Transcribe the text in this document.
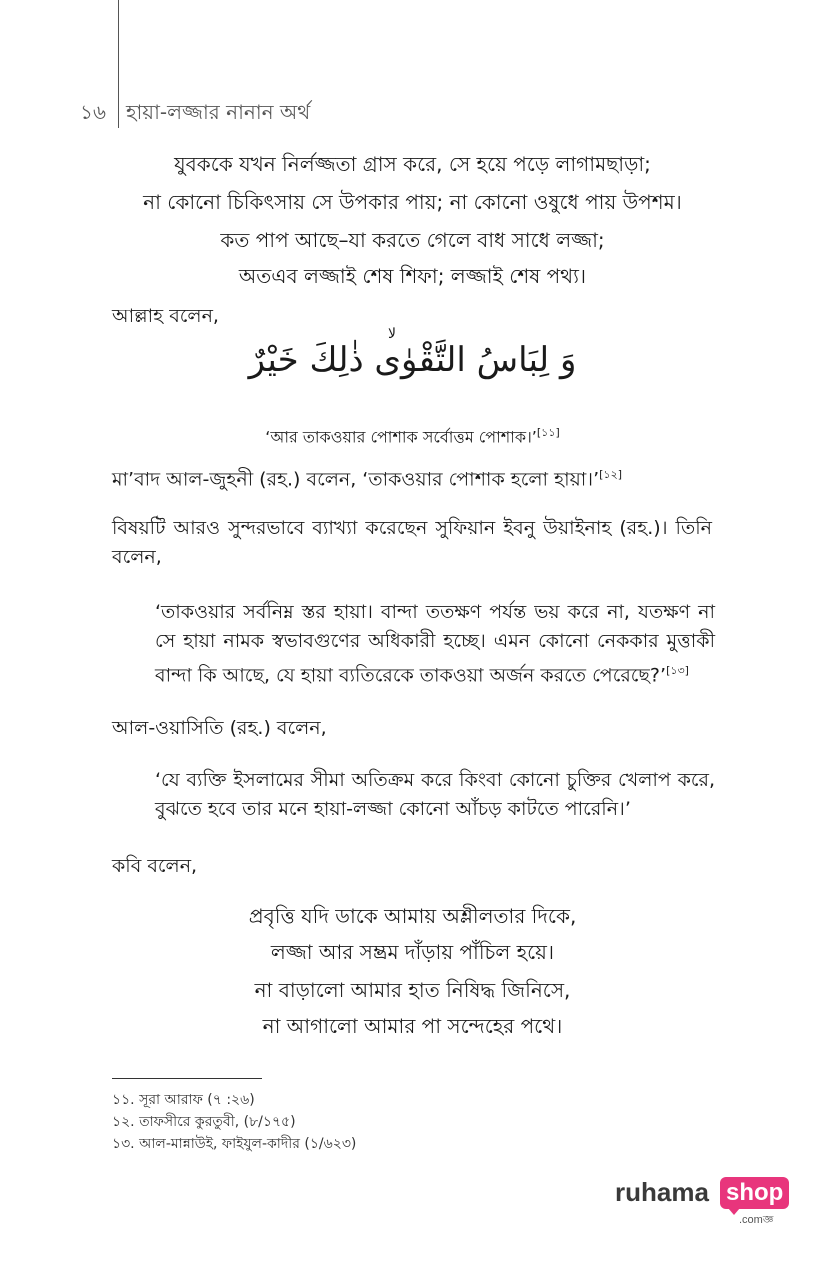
১৬ হায়া-লজ্জার নানান অর্থ
যুবককে যখন নির্লজ্জতা গ্রাস করে, সে হয়ে পড়ে লাগামছাড়া;
না কোনো চিকিৎসায় সে উপকার পায়; না কোনো ওষুধে পায় উপশম।
কত পাপ আছে–যা করতে গেলে বাধ সাধে লজ্জা;
অতএব লজ্জাই শেষ শিফা; লজ্জাই শেষ পথ্য।
আল্লাহ বলেন,
لا
وَ لِبَاسُ التَّقْوٰى ذٰلِكَ خَيْرٌ
‘আর তাকওয়ার পোশাক সর্বোত্তম পোশাক।’[১১]
মা’বাদ আল-জুহনী (রহ.) বলেন, ‘তাকওয়ার পোশাক হলো হায়া।’[১২]
বিষয়টি আরও সুন্দরভাবে ব্যাখ্যা করেছেন সুফিয়ান ইবনু উয়াইনাহ (রহ.)। তিনি বলেন,
‘তাকওয়ার সর্বনিম্ন স্তর হায়া। বান্দা ততক্ষণ পর্যন্ত ভয় করে না, যতক্ষণ না সে হায়া নামক স্বভাবগুণের অধিকারী হচ্ছে। এমন কোনো নেককার মুত্তাকী বান্দা কি আছে, যে হায়া ব্যতিরেকে তাকওয়া অর্জন করতে পেরেছে?’[১৩]
আল-ওয়াসিতি (রহ.) বলেন,
‘যে ব্যক্তি ইসলামের সীমা অতিক্রম করে কিংবা কোনো চুক্তির খেলাপ করে, বুঝতে হবে তার মনে হায়া-লজ্জা কোনো আঁচড় কাটতে পারেনি।’
কবি বলেন,
প্রবৃত্তি যদি ডাকে আমায় অশ্লীলতার দিকে,
লজ্জা আর সম্ভ্রম দাঁড়ায় পাঁচিল হয়ে।
না বাড়ালো আমার হাত নিষিদ্ধ জিনিসে,
না আগালো আমার পা সন্দেহের পথে।
১১. সূরা আরাফ (৭ :২৬)
১২. তাফসীরে কুরতুবী, (৮/১৭৫)
১৩. আল-মান্নাউই, ফাইযুল-কাদীর (১/৬২৩)
ruhama shop
.comজ্ঞ
